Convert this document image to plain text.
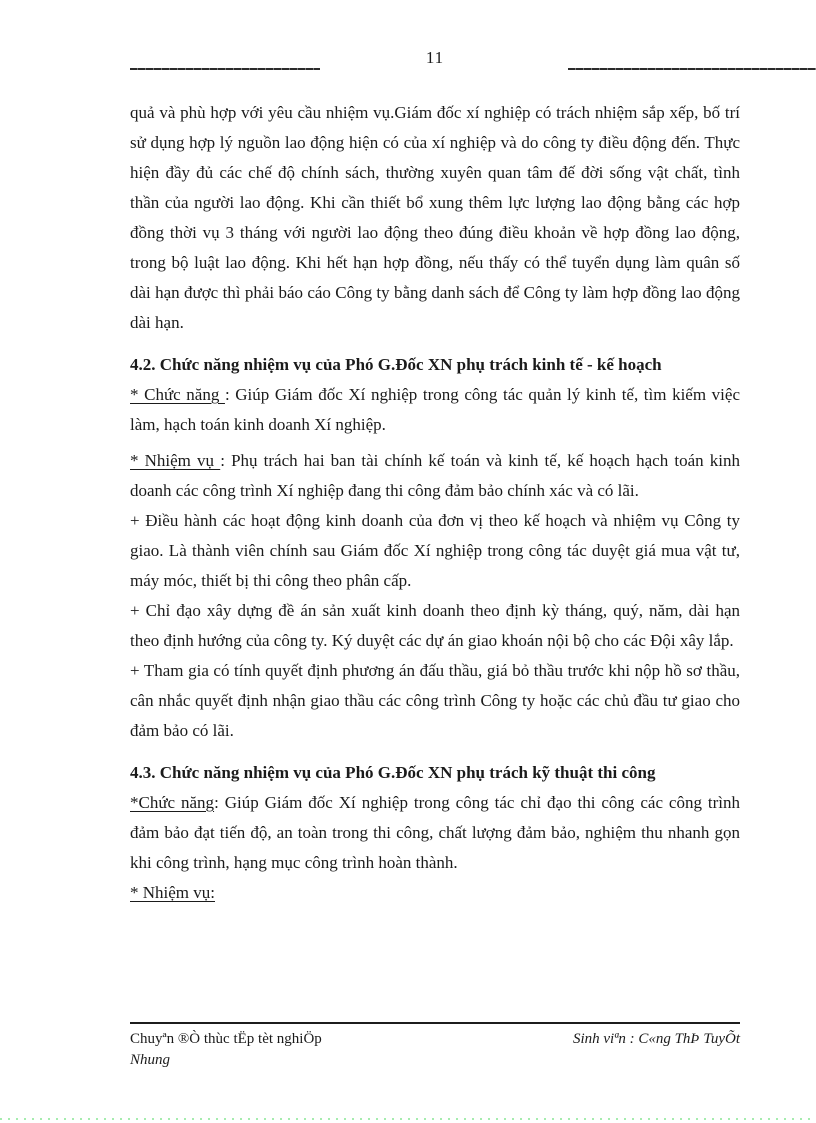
11

quả và phù hợp với yêu cầu nhiệm vụ.Giám đốc xí nghiệp có trách nhiệm sắp xếp, bố trí sử dụng hợp lý nguồn lao động hiện có của xí nghiệp và do công ty điều động đến. Thực hiện đầy đủ các chế độ chính sách, thường xuyên quan tâm đế đời sống vật chất, tình thần của người lao động. Khi cần thiết bổ xung thêm lực lượng lao động bằng các hợp đồng thời vụ 3 tháng với người lao động theo đúng điều khoản về hợp đồng lao động, trong bộ luật lao động. Khi hết hạn hợp đồng, nếu thấy có thể tuyển dụng làm quân số dài hạn được thì phải báo cáo Công ty bằng danh sách để Công ty làm hợp đồng lao động dài hạn.

4.2. Chức năng nhiệm vụ của Phó G.Đốc XN phụ trách kinh tế - kế hoạch

* Chức năng : Giúp Giám đốc Xí nghiệp trong công tác quản lý kinh tế, tìm kiếm việc làm, hạch toán kinh doanh Xí nghiệp.

* Nhiệm vụ : Phụ trách hai ban tài chính kế toán và kinh tế, kế hoạch hạch toán kinh doanh các công trình Xí nghiệp đang thi công đảm bảo chính xác và có lãi.

+ Điều hành các hoạt động kinh doanh của đơn vị theo kế hoạch và nhiệm vụ Công ty giao. Là thành viên chính sau Giám đốc Xí nghiệp trong công tác duyệt giá mua vật tư, máy móc, thiết bị thi công theo phân cấp.

+ Chỉ đạo xây dựng đề án sản xuất kinh doanh theo định kỳ tháng, quý, năm, dài hạn theo định hướng của công ty. Ký duyệt các dự án giao khoán nội bộ cho các Đội xây lắp.

+ Tham gia có tính quyết định phương án đấu thầu, giá bỏ thầu trước khi nộp hồ sơ thầu, cân nhắc quyết định nhận giao thầu các công trình Công ty hoặc các chủ đầu tư giao cho đảm bảo có lãi.

4.3. Chức năng nhiệm vụ của Phó G.Đốc XN phụ trách kỹ thuật thi công

*Chức năng: Giúp Giám đốc Xí nghiệp trong công tác chỉ đạo thi công các công trình đảm bảo đạt tiến độ, an toàn trong thi công, chất lượng đảm bảo, nghiệm thu nhanh gọn khi công trình, hạng mục công trình hoàn thành.

* Nhiệm vụ:

Chuyªn ®Ò thùc tËp tèt nghiÖp	Sinh viªn : C«ng ThÞ TuyÕt
Nhung
